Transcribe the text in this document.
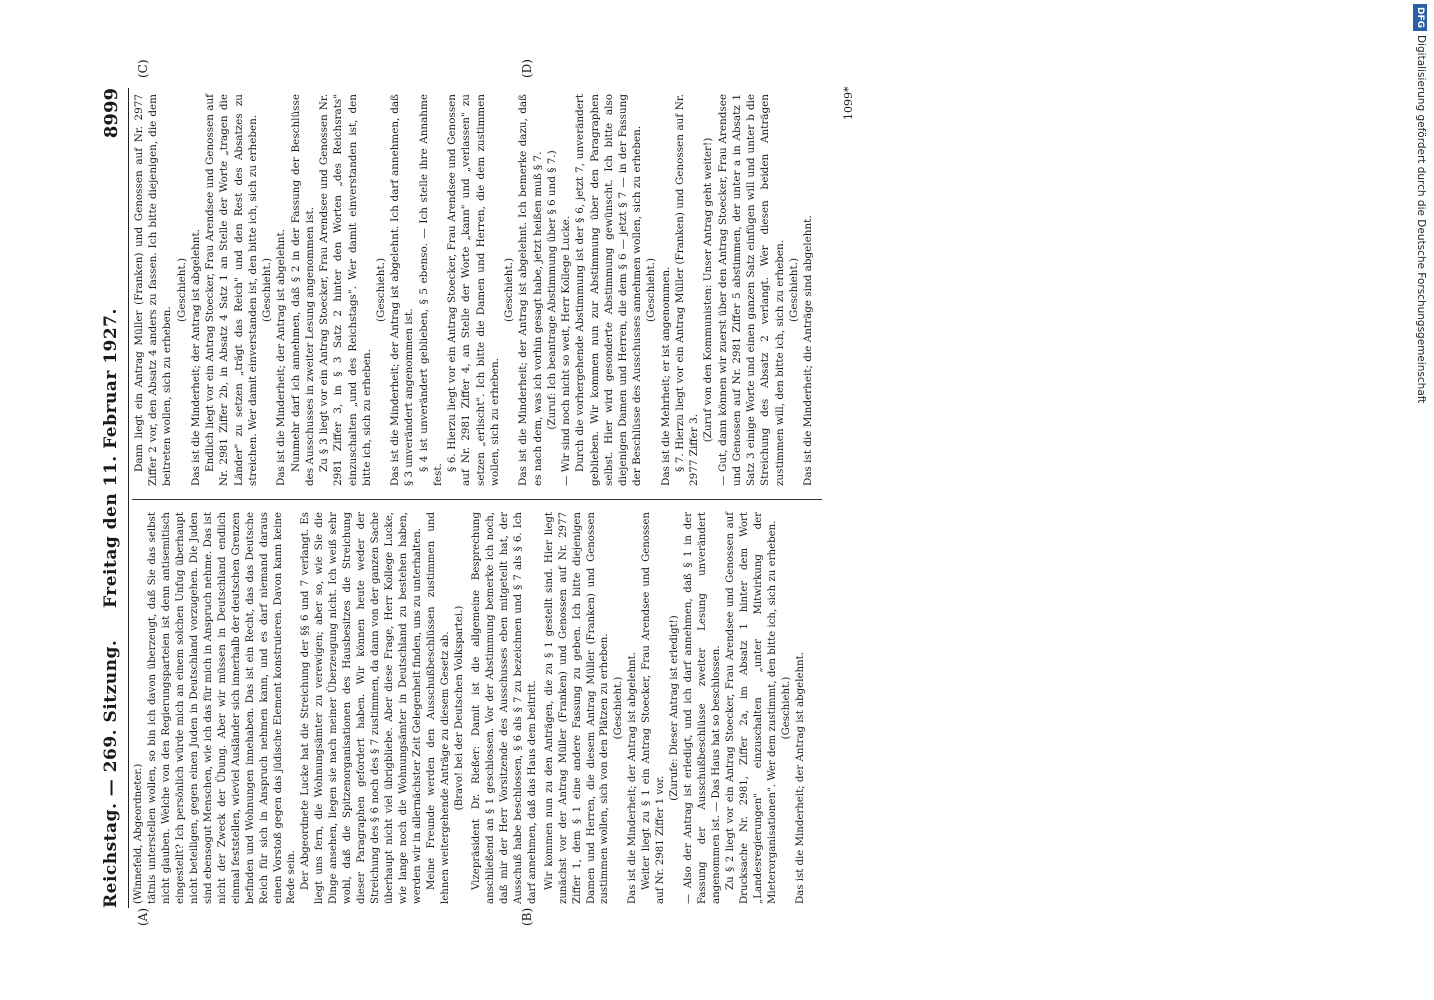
Reichstag. — 269. Sitzung.
Freitag den 11. Februar 1927.
8999
(A)	(B)
(C)	(D)

(Winnefeld, Abgeordneter.) tätnis unterstellen wollen, so bin ich davon überzeugt, daß Sie das selbst nicht glauben. Welche von den Regierungsparteien ist denn antisemitisch eingestellt? Ich persönlich würde mich an einem solchen Unfug überhaupt nicht beteiligen, gegen einen Juden in Deutschland vorzugehen. Die Juden sind ebensogut Menschen, wie ich das für mich in Anspruch nehme. Das ist nicht der Zweck der Übung. Aber wir müssen in Deutschland endlich einmal feststellen, wieviel Ausländer sich innerhalb der deutschen Grenzen befinden und Wohnungen innehaben. Das ist ein Recht, das das Deutsche Reich für sich in Anspruch nehmen kann, und es darf niemand daraus einen Vorstoß gegen das jüdische Element konstruieren. Davon kann keine Rede sein. Der Abgeordnete Lucke hat die Streichung der §§ 6 und 7 verlangt. Es liegt uns fern, die Wohnungsämter zu verewigen; aber so, wie Sie die Dinge ansehen, liegen sie nach meiner Überzeugung nicht. Ich weiß sehr wohl, daß die Spitzenorganisationen des Hausbesitzes die Streichung dieser Paragraphen gefordert haben. Wir können heute weder der Streichung des § 6 noch des § 7 zustimmen, da dann von der ganzen Sache überhaupt nicht viel übrigbliebe. Aber diese Frage, Herr Kollege Lucke, wie lange noch die Wohnungsämter in Deutschland zu bestehen haben, werden wir in allernächster Zeit Gelegenheit finden, uns zu unterhalten. Meine Freunde werden den Ausschußbeschlüssen zustimmen und lehnen weitergehende Anträge zu diesem Gesetz ab. (Bravo! bei der Deutschen Volkspartei.) Vizepräsident Dr. Rießer: Damit ist die allgemeine Besprechung anschließend an § 1 geschlossen. Vor der Abstimmung bemerke ich noch, daß mir der Herr Vorsitzende des Ausschusses eben mitgeteilt hat, der Ausschuß habe beschlossen, § 6 als § 7 zu bezeichnen und § 7 als § 6. Ich darf annehmen, daß das Haus dem beitritt. Wir kommen nun zu den Anträgen, die zu § 1 gestellt sind. Hier liegt zunächst vor der Antrag Müller (Franken) und Genossen auf Nr. 2977 Ziffer 1, dem § 1 eine andere Fassung zu geben. Ich bitte diejenigen Damen und Herren, die diesem Antrag Müller (Franken) und Genossen zustimmen wollen, sich von den Plätzen zu erheben. (Geschieht.) Das ist die Minderheit; der Antrag ist abgelehnt. Weiter liegt zu § 1 ein Antrag Stoecker, Frau Arendsee und Genossen auf Nr. 2981 Ziffer 1 vor.

(Zurufe: Dieser Antrag ist erledigt!) — Also der Antrag ist erledigt, und ich darf annehmen, daß § 1 in der Fassung der Ausschußbeschlüsse zweiter Lesung unverändert angenommen ist. — Das Haus hat so beschlossen. Zu § 2 liegt vor ein Antrag Stoecker, Frau Arendsee und Genossen auf Drucksache Nr. 2981, Ziffer 2a, im Absatz 1 hinter dem Wort „Landesregierungen" einzuschalten „unter Mitwirkung der Mieterorganisationen". Wer dem zustimmt, den bitte ich, sich zu erheben. (Geschieht.) Das ist die Minderheit; der Antrag ist abgelehnt.

Dann liegt ein Antrag Müller (Franken) und Genossen auf Nr. 2977 Ziffer 2 vor, den Absatz 4 anders zu fassen. Ich bitte diejenigen, die dem beitreten wollen, sich zu erheben.

(Geschieht.) Das ist die Minderheit; der Antrag ist abgelehnt. Endlich liegt vor ein Antrag Stoecker, Frau Arendsee und Genossen auf Nr. 2981 Ziffer 2b, in Absatz 4 Satz 1 an Stelle der Worte „tragen die Länder" zu setzen „trägt das Reich" und den Rest des Absatzes zu streichen. Wer damit einverstanden ist, den bitte ich, sich zu erheben. (Geschieht.) Das ist die Minderheit; der Antrag ist abgelehnt. Nunmehr darf ich annehmen, daß § 2 in der Fassung der Beschlüsse des Ausschusses in zweiter Lesung angenommen ist. Zu § 3 liegt vor ein Antrag Stoecker, Frau Arendsee und Genossen Nr. 2981 Ziffer 3, in § 3 Satz 2 hinter den Worten „des Reichsrats" einzuschalten „und des Reichstags". Wer damit einverstanden ist, den bitte ich, sich zu erheben.

(Geschieht.) Das ist die Minderheit; der Antrag ist abgelehnt. Ich darf annehmen, daß § 3 unverändert angenommen ist. § 4 ist unverändert geblieben, § 5 ebenso. — Ich stelle ihre Annahme fest.

§ 6. Hierzu liegt vor ein Antrag Stoecker, Frau Arendsee und Genossen auf Nr. 2981 Ziffer 4, an Stelle der Worte „kann" und „verlassen" zu setzen „erlischt". Ich bitte die Damen und Herren, die dem zustimmen wollen, sich zu erheben.

(Geschieht.) Das ist die Minderheit; der Antrag ist abgelehnt. Ich bemerke dazu, daß es nach dem, was ich vorhin gesagt habe, jetzt heißen muß § 7. (Zuruf: Ich beantrage Abstimmung über § 6 und § 7.) — Wir sind noch nicht so weit, Herr Kollege Lucke. Durch die vorhergehende Abstimmung ist der § 6, jetzt 7, unverändert geblieben. Wir kommen nun zur Abstimmung über den Paragraphen selbst. Hier wird gesonderte Abstimmung gewünscht. Ich bitte also diejenigen Damen und Herren, die dem § 6 — jetzt § 7 — in der Fassung der Beschlüsse des Ausschusses annehmen wollen, sich zu erheben. (Geschieht.) Das ist die Mehrheit; er ist angenommen. § 7. Hierzu liegt vor ein Antrag Müller (Franken) und Genossen auf Nr. 2977 Ziffer 3.

(Zuruf von den Kommunisten: Unser Antrag geht weiter!) — Gut, dann können wir zuerst über den Antrag Stoecker, Frau Arendsee und Genossen auf Nr. 2981 Ziffer 5 abstimmen, der unter a in Absatz 1 Satz 3 einige Worte und einen ganzen Satz einfügen will und unter b die Streichung des Absatz 2 verlangt. Wer diesen beiden Anträgen zustimmen will, den bitte ich, sich zu erheben. (Geschieht.) Das ist die Minderheit; die Anträge sind abgelehnt.

1099*
DFGDigitalisierung gefördert durch die Deutsche Forschungsgemeinschaft
